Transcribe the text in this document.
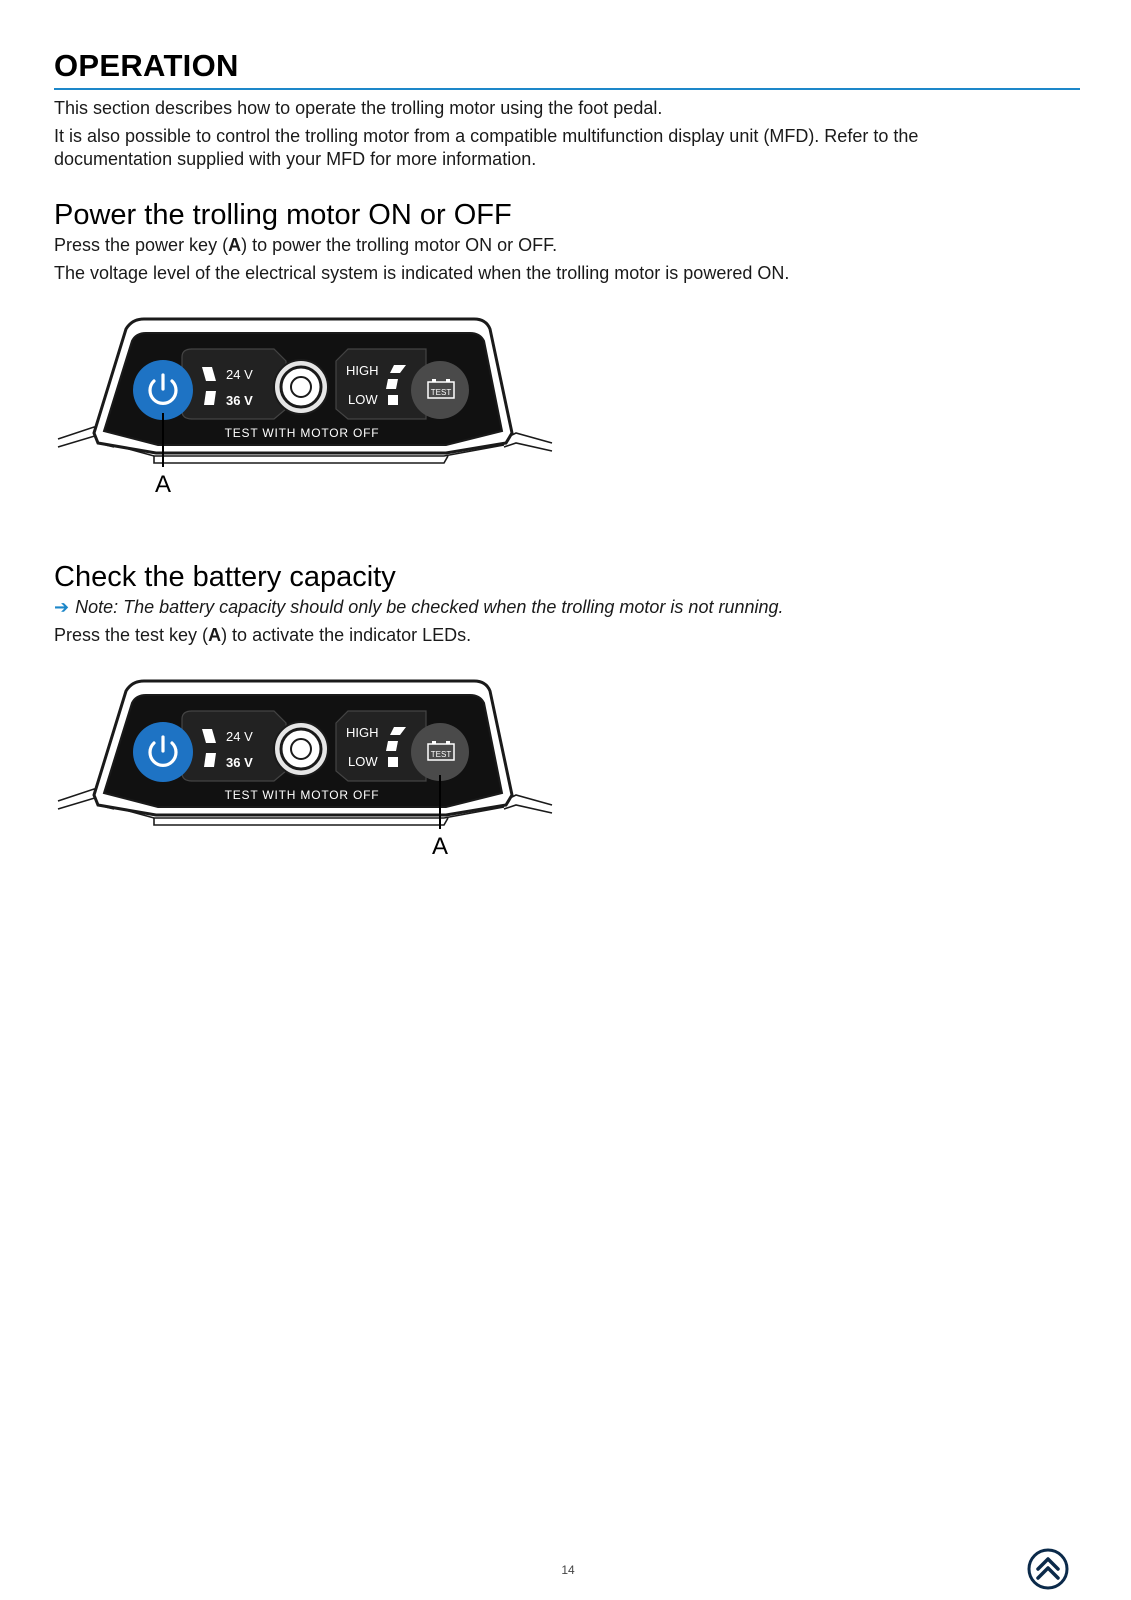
OPERATION

This section describes how to operate the trolling motor using the foot pedal.

It is also possible to control the trolling motor from a compatible multifunction display unit (MFD). Refer to the
documentation supplied with your MFD for more information.

Power the trolling motor ON or OFF

Press the power key (A) to power the trolling motor ON or OFF.

The voltage level of the electrical system is indicated when the trolling motor is powered ON.

24 V
36 V
HIGH
LOW	TEST
TEST WITH MOTOR OFF
A
Check the battery capacity

➔ Note: The battery capacity should only be checked when the trolling motor is not running.

Press the test key (A) to activate the indicator LEDs.

24 V
36 V
HIGH
LOW	TEST
TEST WITH MOTOR OFF
A
14
